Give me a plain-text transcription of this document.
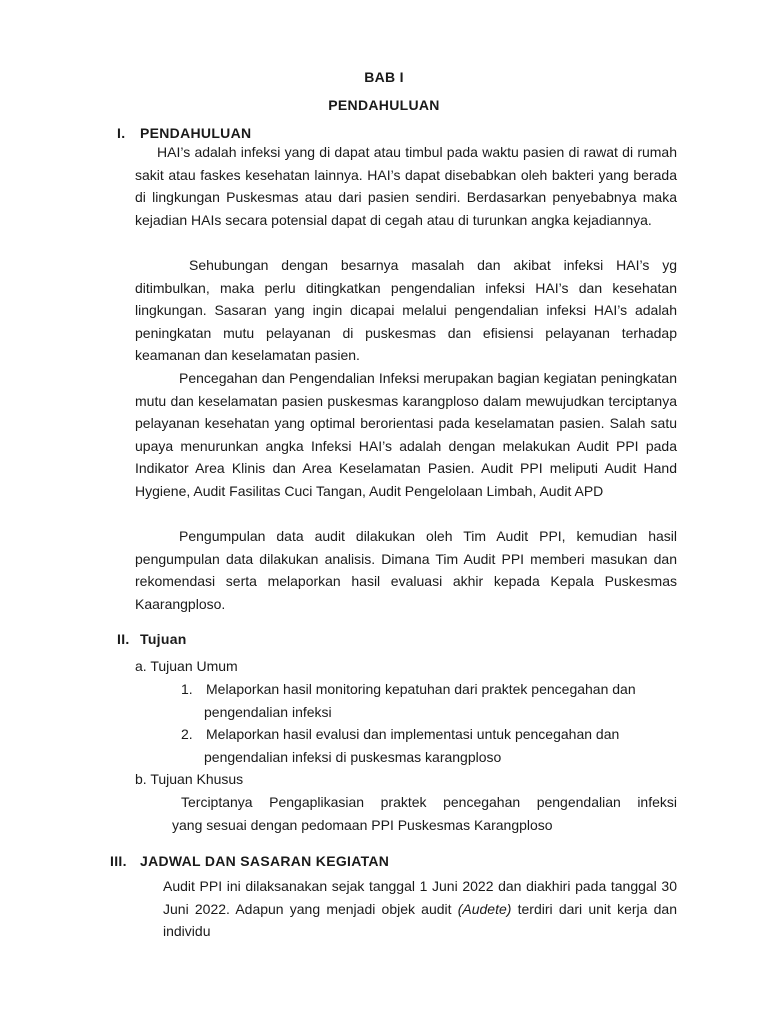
BAB I
PENDAHULUAN
I. PENDAHULUAN

HAI’s adalah infeksi yang di dapat atau timbul pada waktu pasien di rawat di rumah sakit atau faskes kesehatan lainnya. HAI’s dapat disebabkan oleh bakteri yang berada di lingkungan Puskesmas atau dari pasien sendiri. Berdasarkan penyebabnya maka kejadian HAIs secara potensial dapat di cegah atau di turunkan angka kejadiannya.

Sehubungan dengan besarnya masalah dan akibat infeksi HAI’s yg ditimbulkan, maka perlu ditingkatkan pengendalian infeksi HAI’s dan kesehatan lingkungan. Sasaran yang ingin dicapai melalui pengendalian infeksi HAI’s adalah peningkatan mutu pelayanan di puskesmas dan efisiensi pelayanan terhadap keamanan dan keselamatan pasien.

Pencegahan dan Pengendalian Infeksi merupakan bagian kegiatan peningkatan mutu dan keselamatan pasien puskesmas karangploso dalam mewujudkan terciptanya pelayanan kesehatan yang optimal berorientasi pada keselamatan pasien. Salah satu upaya menurunkan angka Infeksi HAI’s adalah dengan melakukan Audit PPI pada Indikator Area Klinis dan Area Keselamatan Pasien. Audit PPI meliputi Audit Hand Hygiene, Audit Fasilitas Cuci Tangan, Audit Pengelolaan Limbah, Audit APD

Pengumpulan data audit dilakukan oleh Tim Audit PPI, kemudian hasil pengumpulan data dilakukan analisis. Dimana Tim Audit PPI memberi masukan dan rekomendasi serta melaporkan hasil evaluasi akhir kepada Kepala Puskesmas Kaarangploso.

II. Tujuan
a. Tujuan Umum
1. Melaporkan hasil monitoring kepatuhan dari praktek pencegahan dan
pengendalian infeksi
2. Melaporkan hasil evalusi dan implementasi untuk pencegahan dan
pengendalian infeksi di puskesmas karangploso
b. Tujuan Khusus
Terciptanya Pengaplikasian praktek pencegahan pengendalian infeksi
yang sesuai dengan pedomaan PPI Puskesmas Karangploso
III. JADWAL DAN SASARAN KEGIATAN

Audit PPI ini dilaksanakan sejak tanggal 1 Juni 2022 dan diakhiri pada tanggal 30 Juni 2022. Adapun yang menjadi objek audit (Audete) terdiri dari unit kerja dan individu
